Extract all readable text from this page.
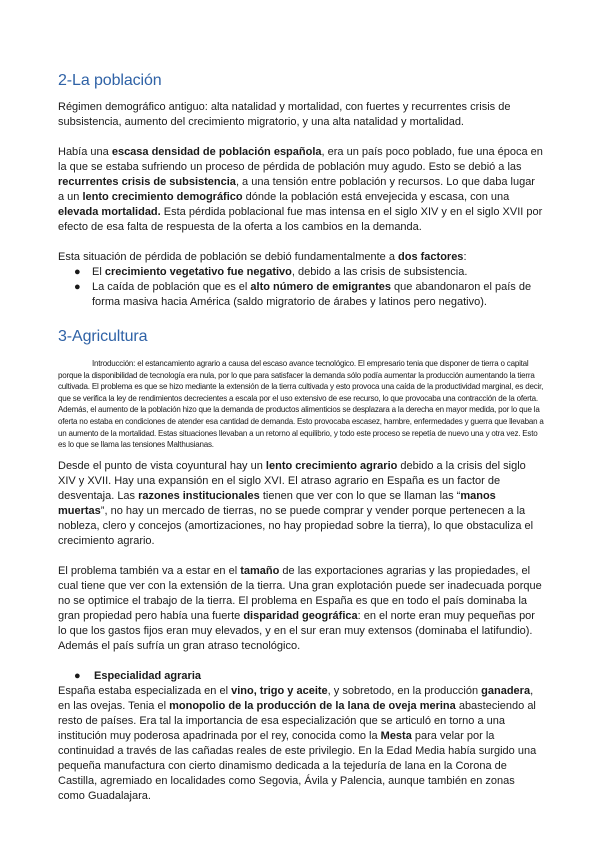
2-La población

Régimen demográfico antiguo: alta natalidad y mortalidad, con fuertes y recurrentes crisis de subsistencia, aumento del crecimiento migratorio, y una alta natalidad y mortalidad.

Había una escasa densidad de población española, era un país poco poblado, fue una época en la que se estaba sufriendo un proceso de pérdida de población muy agudo. Esto se debió a las recurrentes crisis de subsistencia, a una tensión entre población y recursos. Lo que daba lugar a un lento crecimiento demográfico dónde la población está envejecida y escasa, con una elevada mortalidad. Esta pérdida poblacional fue mas intensa en el siglo XIV y en el siglo XVII por efecto de esa falta de respuesta de la oferta a los cambios en la demanda.

Esta situación de pérdida de población se debió fundamentalmente a dos factores:

● El crecimiento vegetativo fue negativo, debido a las crisis de subsistencia.
● La caída de población que es el alto número de emigrantes que abandonaron el país de forma masiva hacia América (saldo migratorio de árabes y latinos pero negativo).
3-Agricultura

Introducción: el estancamiento agrario a causa del escaso avance tecnológico. El empresario tenia que disponer de tierra o capital porque la disponibilidad de tecnología era nula, por lo que para satisfacer la demanda sólo podía aumentar la producción aumentando la tierra cultivada. El problema es que se hizo mediante la extensión de la tierra cultivada y esto provoca una caída de la productividad marginal, es decir, que se verifica la ley de rendimientos decrecientes a escala por el uso extensivo de ese recurso, lo que provocaba una contracción de la oferta. Además, el aumento de la población hizo que la demanda de productos alimenticios se desplazara a la derecha en mayor medida, por lo que la oferta no estaba en condiciones de atender esa cantidad de demanda. Esto provocaba escasez, hambre, enfermedades y guerra que llevaban a un aumento de la mortalidad. Estas situaciones llevaban a un retorno al equilibrio, y todo este proceso se repetía de nuevo una y otra vez. Esto es lo que se llama las tensiones Malthusianas.

Desde el punto de vista coyuntural hay un lento crecimiento agrario debido a la crisis del siglo XIV y XVII. Hay una expansión en el siglo XVI. El atraso agrario en España es un factor de desventaja. Las razones institucionales tienen que ver con lo que se llaman las “manos muertas”, no hay un mercado de tierras, no se puede comprar y vender porque pertenecen a la nobleza, clero y concejos (amortizaciones, no hay propiedad sobre la tierra), lo que obstaculiza el crecimiento agrario.

El problema también va a estar en el tamaño de las exportaciones agrarias y las propiedades, el cual tiene que ver con la extensión de la tierra. Una gran explotación puede ser inadecuada porque no se optimice el trabajo de la tierra. El problema en España es que en todo el país dominaba la gran propiedad pero había una fuerte disparidad geográfica: en el norte eran muy pequeñas por lo que los gastos fijos eran muy elevados, y en el sur eran muy extensos (dominaba el latifundio). Además el país sufría un gran atraso tecnológico.

● Especialidad agraria

España estaba especializada en el vino, trigo y aceite, y sobretodo, en la producción ganadera, en las ovejas. Tenia el monopolio de la producción de la lana de oveja merina abasteciendo al resto de países. Era tal la importancia de esa especialización que se articuló en torno a una institución muy poderosa apadrinada por el rey, conocida como la Mesta para velar por la continuidad a través de las cañadas reales de este privilegio. En la Edad Media había surgido una pequeña manufactura con cierto dinamismo dedicada a la tejeduría de lana en la Corona de Castilla, agremiado en localidades como Segovia, Ávila y Palencia, aunque también en zonas como Guadalajara.
